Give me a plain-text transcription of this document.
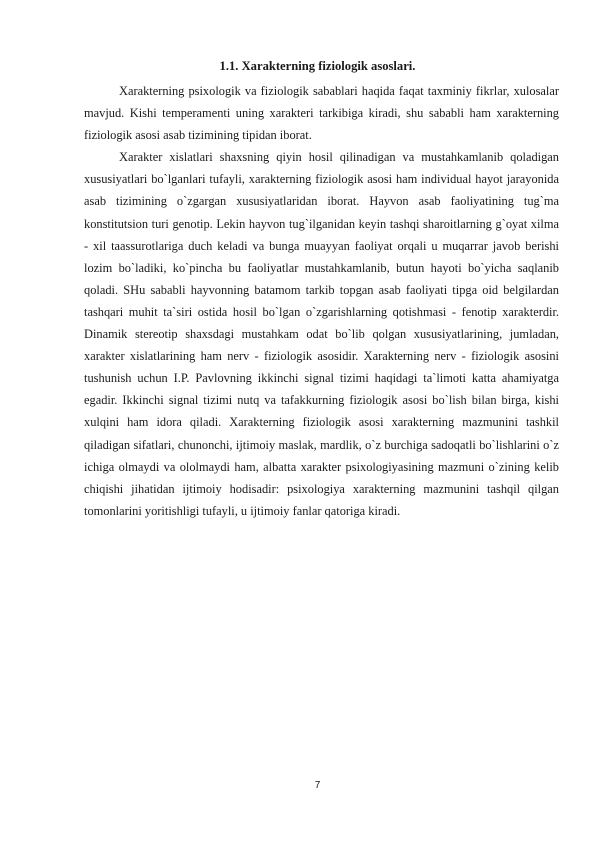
1.1. Xarakterning fiziologik asoslari.

Xarakterning psixologik va fiziologik sabablari haqida faqat taxminiy fikrlar, xulosalar mavjud. Kishi temperamenti uning xarakteri tarkibiga kiradi, shu sababli ham xarakterning fiziologik asosi asab tizimining tipidan iborat.

Xarakter xislatlari shaxsning qiyin hosil qilinadigan va mustahkamlanib qoladigan xususiyatlari bo`lganlari tufayli, xarakterning fiziologik asosi ham individual hayot jarayonida asab tizimining o`zgargan xususiyatlaridan iborat. Hayvon asab faoliyatining tug`ma konstitutsion turi genotip. Lekin hayvon tug`ilganidan keyin tashqi sharoitlarning g`oyat xilma - xil taassurotlariga duch keladi va bunga muayyan faoliyat orqali u muqarrar javob berishi lozim bo`ladiki, ko`pincha bu faoliyatlar mustahkamlanib, butun hayoti bo`yicha saqlanib qoladi. SHu sababli hayvonning batamom tarkib topgan asab faoliyati tipga oid belgilardan tashqari muhit ta`siri ostida hosil bo`lgan o`zgarishlarning qotishmasi - fenotip xarakterdir. Dinamik stereotip shaxsdagi mustahkam odat bo`lib qolgan xususiyatlarining, jumladan, xarakter xislatlarining ham nerv - fiziologik asosidir. Xarakterning nerv - fiziologik asosini tushunish uchun I.P. Pavlovning ikkinchi signal tizimi haqidagi ta`limoti katta ahamiyatga egadir. Ikkinchi signal tizimi nutq va tafakkurning fiziologik asosi bo`lish bilan birga, kishi xulqini ham idora qiladi. Xarakterning fiziologik asosi xarakterning mazmunini tashkil qiladigan sifatlari, chunonchi, ijtimoiy maslak, mardlik, o`z burchiga sadoqatli bo`lishlarini o`z ichiga olmaydi va ololmaydi ham, albatta xarakter psixologiyasining mazmuni o`zining kelib chiqishi jihatidan ijtimoiy hodisadir: psixologiya xarakterning mazmunini tashqil qilgan tomonlarini yoritishligi tufayli, u ijtimoiy fanlar qatoriga kiradi.

7
